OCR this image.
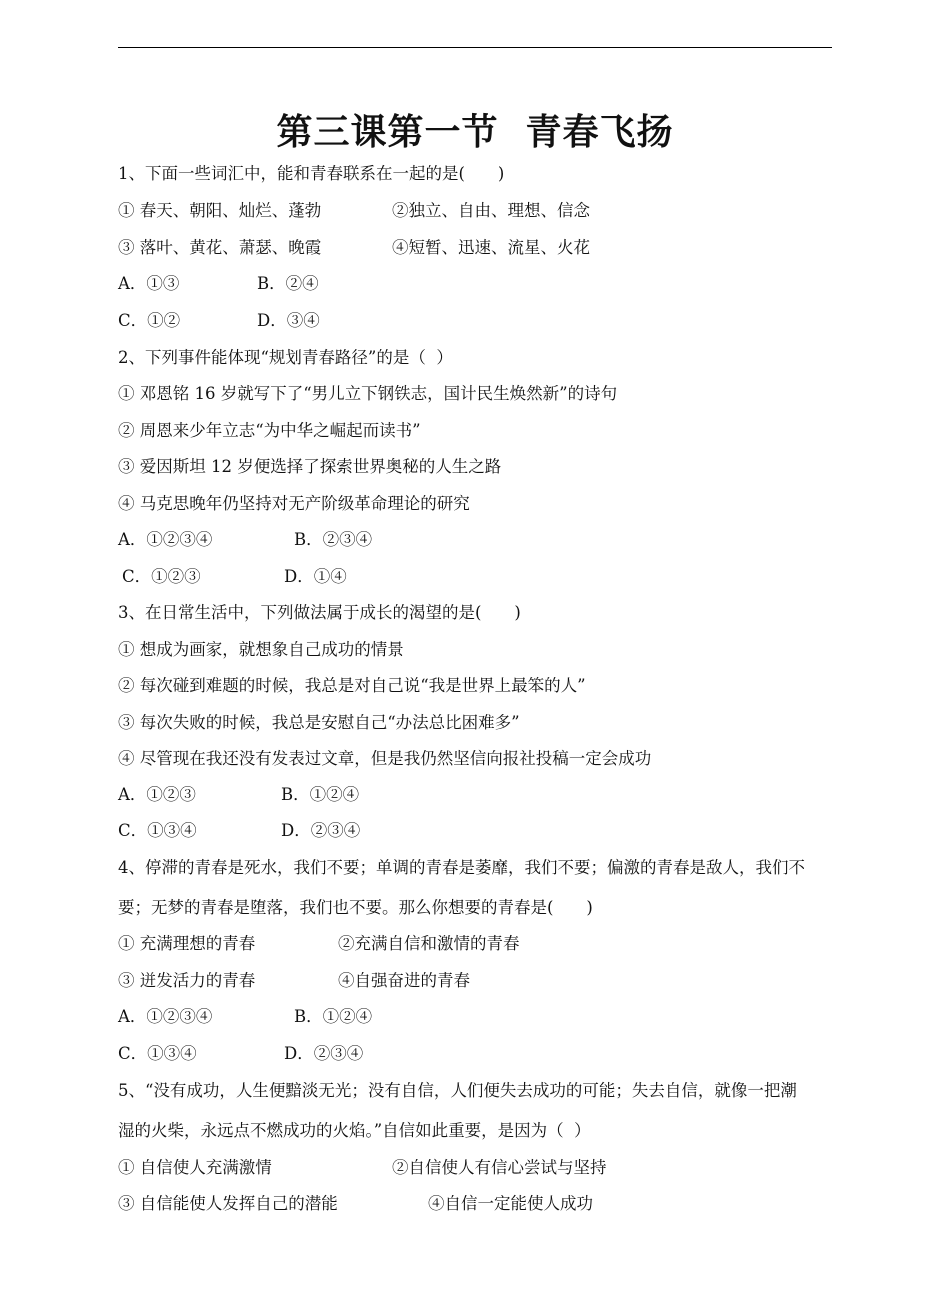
第三课第一节  青春飞扬
1、下面一些词汇中，能和青春联系在一起的是(　　)
① 春天、朝阳、灿烂、蓬勃	②独立、自由、理想、信念
③ 落叶、黄花、萧瑟、晚霞	④短暂、迅速、流星、火花
A．①③	B．②④
C．①②	D．③④
2、下列事件能体现“规划青春路径”的是（  ）
① 邓恩铭 16 岁就写下了“男儿立下钢铁志，国计民生焕然新”的诗句
② 周恩来少年立志“为中华之崛起而读书”
③ 爱因斯坦 12 岁便选择了探索世界奥秘的人生之路
④ 马克思晚年仍坚持对无产阶级革命理论的研究
A．①②③④	B．②③④
C．①②③	D．①④
3、在日常生活中，下列做法属于成长的渴望的是(　　)
① 想成为画家，就想象自己成功的情景
② 每次碰到难题的时候，我总是对自己说“我是世界上最笨的人”
③ 每次失败的时候，我总是安慰自己“办法总比困难多”
④ 尽管现在我还没有发表过文章，但是我仍然坚信向报社投稿一定会成功
A．①②③	B．①②④
C．①③④	D．②③④
4、停滞的青春是死水，我们不要；单调的青春是萎靡，我们不要；偏激的青春是敌人，我们不
要；无梦的青春是堕落，我们也不要。那么你想要的青春是(　　)
① 充满理想的青春	②充满自信和激情的青春
③ 迸发活力的青春	④自强奋进的青春
A．①②③④	B．①②④
C．①③④	D．②③④
5、“没有成功，人生便黯淡无光；没有自信，人们便失去成功的可能；失去自信，就像一把潮
湿的火柴，永远点不燃成功的火焰。”自信如此重要，是因为（  ）
① 自信使人充满激情	②自信使人有信心尝试与坚持
③ 自信能使人发挥自己的潜能	④自信一定能使人成功
